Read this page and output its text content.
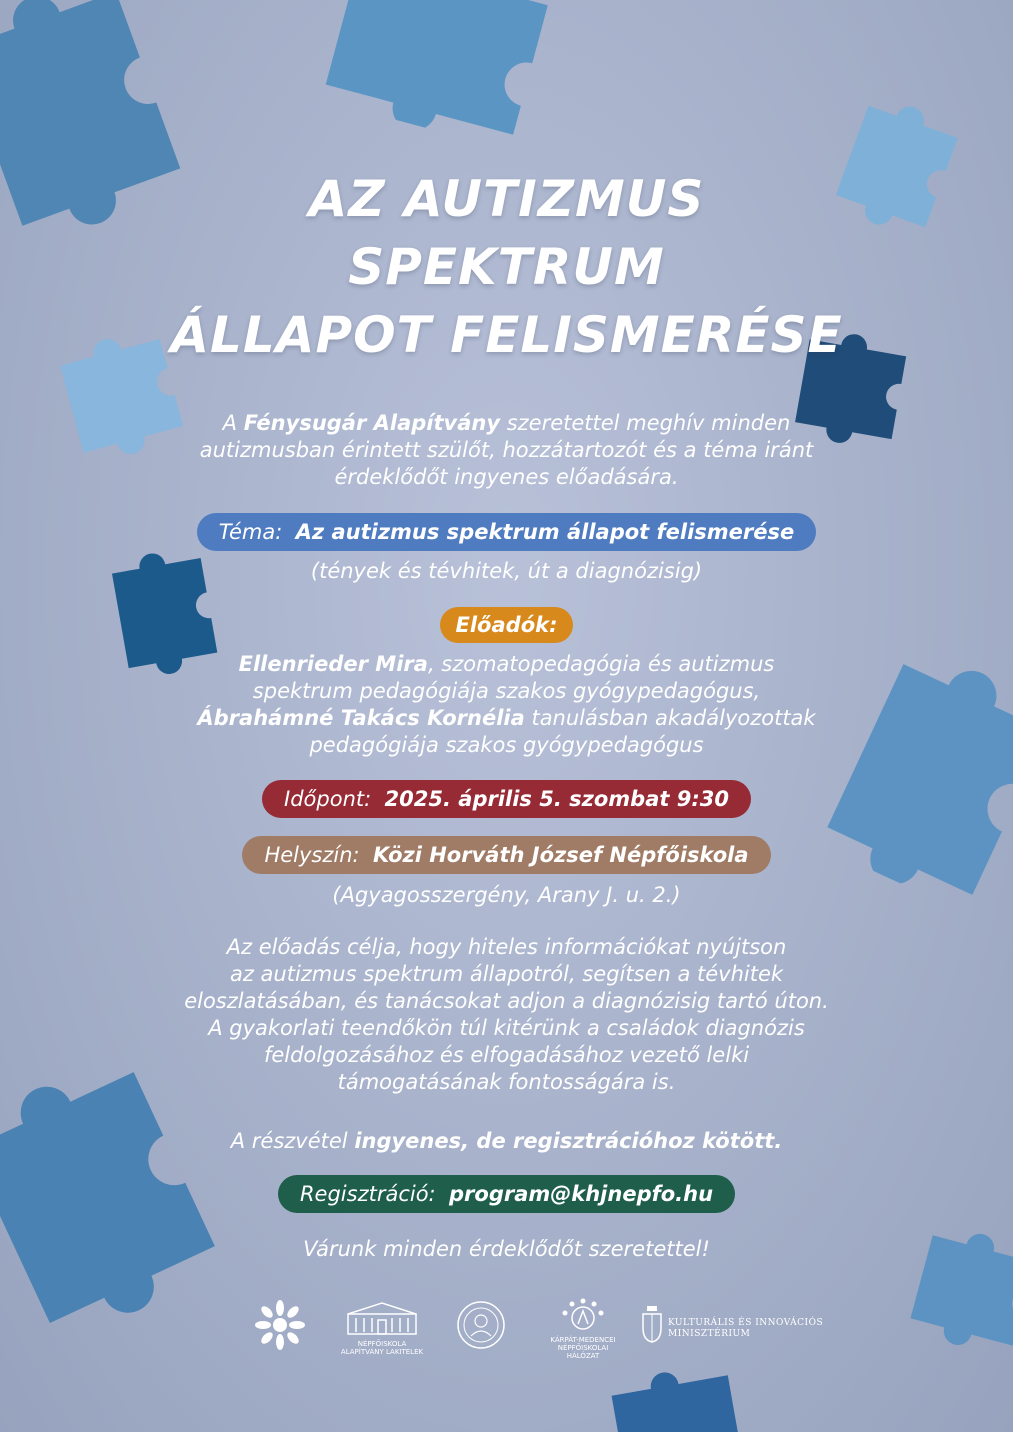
AZ AUTIZMUS
SPEKTRUM
ÁLLAPOT FELISMERÉSE
A Fénysugár Alapítvány szeretettel meghív minden
autizmusban érintett szülőt, hozzátartozót és a téma iránt
érdeklődőt ingyenes előadására.
Téma: Az autizmus spektrum állapot felismerése
(tények és tévhitek, út a diagnózisig)
Előadók:
Ellenrieder Mira, szomatopedagógia és autizmus
spektrum pedagógiája szakos gyógypedagógus,
Ábrahámné Takács Kornélia tanulásban akadályozottak
pedagógiája szakos gyógypedagógus
Időpont: 2025. április 5. szombat 9:30
Helyszín: Közi Horváth József Népfőiskola
(Agyagosszergény, Arany J. u. 2.)
Az előadás célja, hogy hiteles információkat nyújtson
az autizmus spektrum állapotról, segítsen a tévhitek
eloszlatásában, és tanácsokat adjon a diagnózisig tartó úton.
A gyakorlati teendőkön túl kitérünk a családok diagnózis
feldolgozásához és elfogadásához vezető lelki
támogatásának fontosságára is.
A részvétel ingyenes, de regisztrációhoz kötött.
Regisztráció: program@khjnepfo.hu
Várunk minden érdeklődőt szeretettel!
NÉPFŐISKOLA ALAPÍTVÁNY LAKITELEK
KÁRPÁT-MEDENCEI
NÉPFŐISKOLAI HÁLÓZAT
KULTURÁLIS ÉS INNOVÁCIÓS
MINISZTÉRIUM
